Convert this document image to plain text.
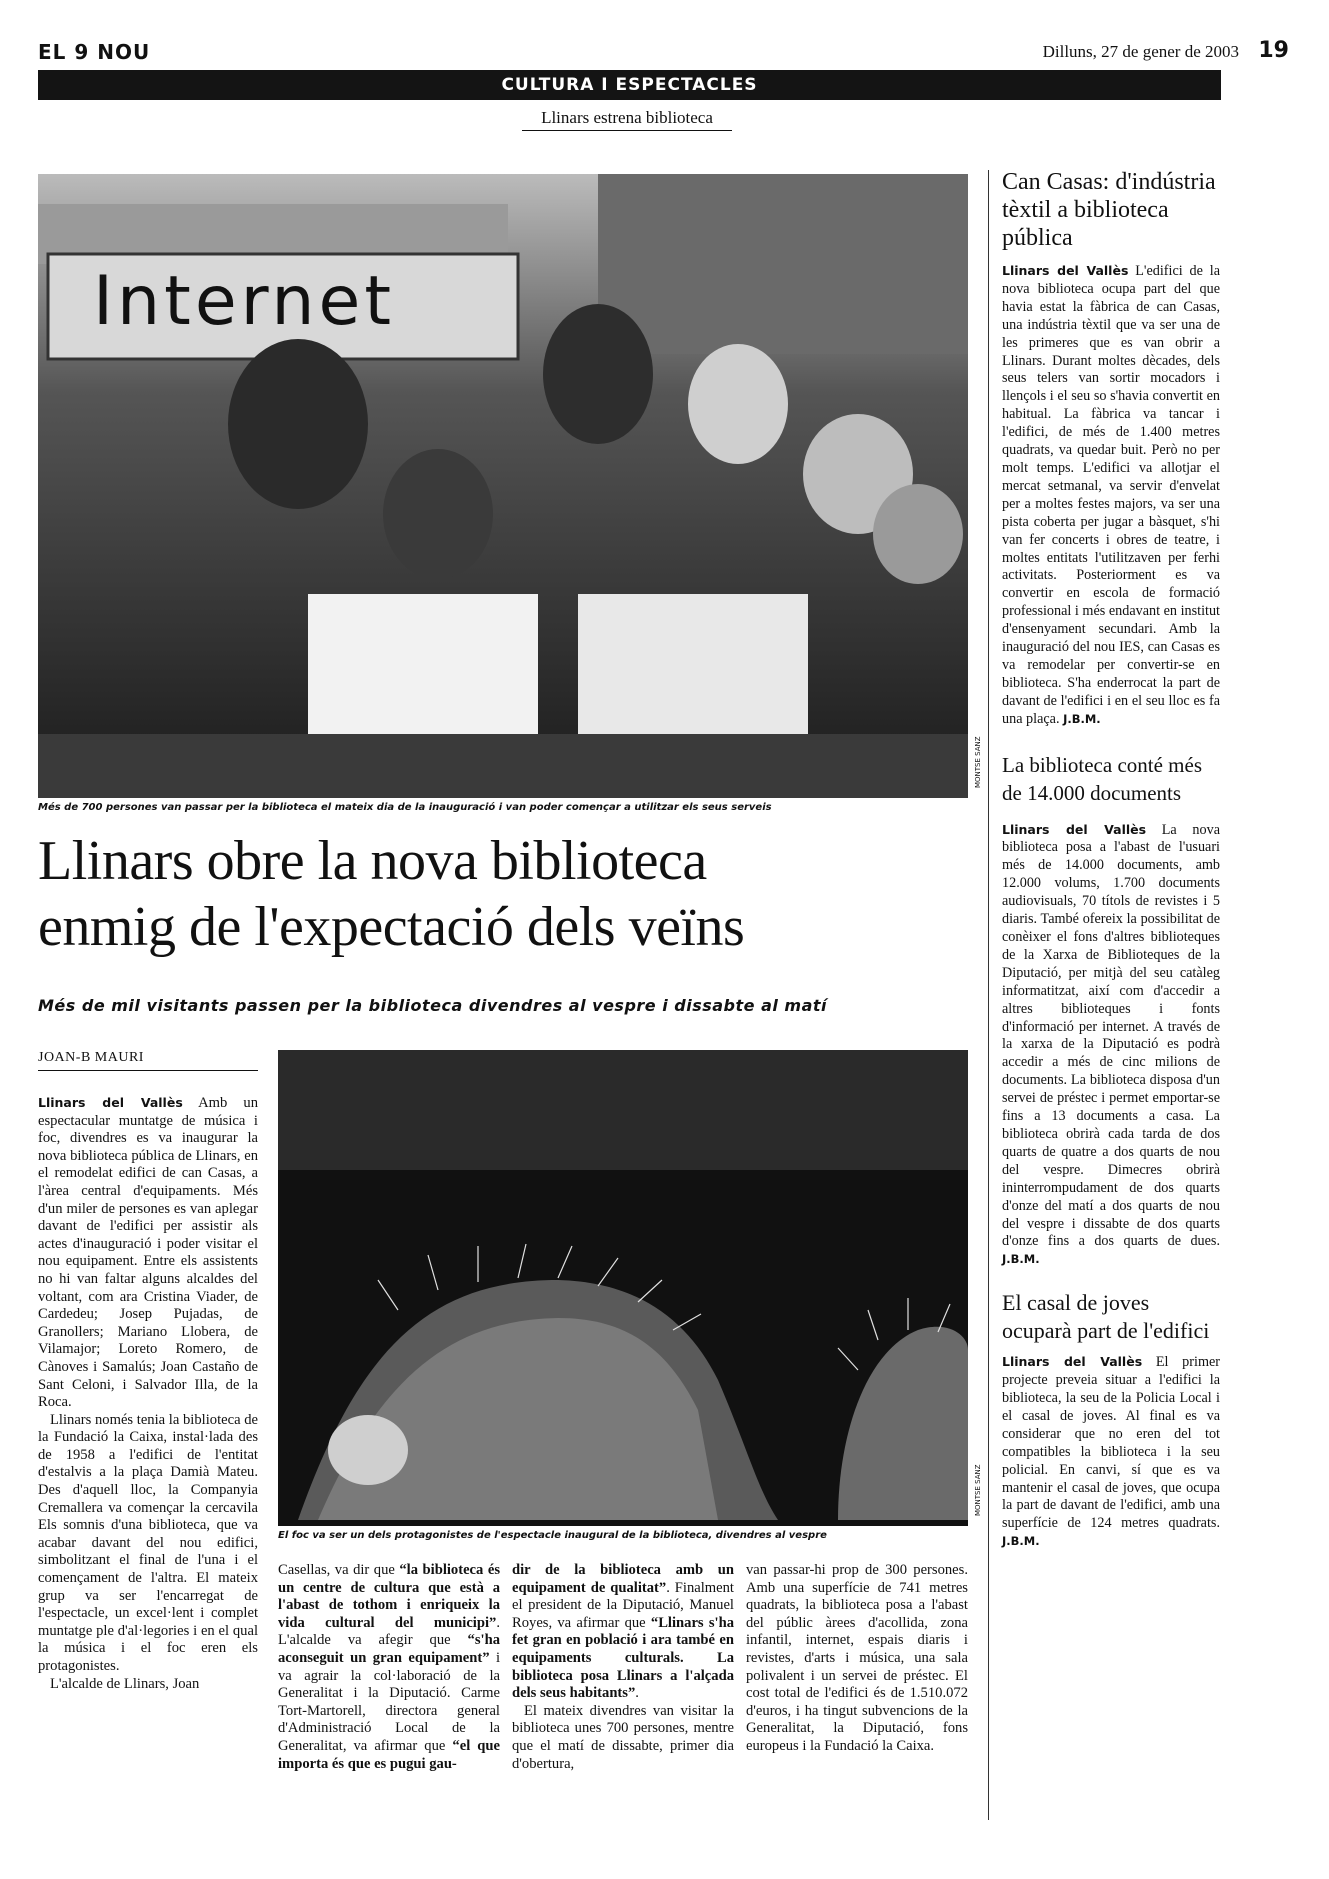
EL 9 NOU	Dilluns, 27 de gener de 2003 19
CULTURA I ESPECTACLES
Llinars estrena biblioteca
Internet
MONTSE SANZ
Més de 700 persones van passar per la biblioteca el mateix dia de la inauguració i van poder començar a utilitzar els seus serveis
Llinars obre la nova biblioteca
enmig de l'expectació dels veïns
Més de mil visitants passen per la biblioteca divendres al vespre i dissabte al matí
JOAN-B MAURI

Llinars del Vallès Amb un espectacular muntatge de música i foc, divendres es va inaugurar la nova biblioteca pública de Llinars, en el remodelat edifici de can Casas, a l'àrea central d'equipaments. Més d'un miler de persones es van aplegar davant de l'edifici per assistir als actes d'inauguració i poder visitar el nou equipament. Entre els assistents no hi van faltar alguns alcaldes del voltant, com ara Cristina Viader, de Cardedeu; Josep Pujadas, de Granollers; Mariano Llobera, de Vilamajor; Loreto Romero, de Cànoves i Samalús; Joan Castaño de Sant Celoni, i Salvador Illa, de la Roca.

Llinars només tenia la biblioteca de la Fundació la Caixa, instal·lada des de 1958 a l'edifici de l'entitat d'estalvis a la plaça Damià Mateu. Des d'aquell lloc, la Companyia Cremallera va començar la cercavila Els somnis d'una biblioteca, que va acabar davant del nou edifici, simbolitzant el final de l'una i el començament de l'altra. El mateix grup va ser l'encarregat de l'espectacle, un excel·lent i complet muntatge ple d'al·legories i en el qual la música i el foc eren els protagonistes.

L'alcalde de Llinars, Joan

MONTSE SANZ
El foc va ser un dels protagonistes de l'espectacle inaugural de la biblioteca, divendres al vespre

Casellas, va dir que “la biblioteca és un centre de cultura que està a l'abast de tothom i enriqueix la vida cultural del municipi”. L'alcalde va afegir que “s'ha aconseguit un gran equipament” i va agrair la col·laboració de la Generalitat i la Diputació. Carme Tort-Martorell, directora general d'Administració Local de la Generalitat, va afirmar que “el que importa és que es pugui gau-

dir de la biblioteca amb un equipament de qualitat”. Finalment el president de la Diputació, Manuel Royes, va afirmar que “Llinars s'ha fet gran en població i ara també en equipaments culturals. La biblioteca posa Llinars a l'alçada dels seus habitants”.

El mateix divendres van visitar la biblioteca unes 700 persones, mentre que el matí de dissabte, primer dia d'obertura,

van passar-hi prop de 300 persones. Amb una superfície de 741 metres quadrats, la biblioteca posa a l'abast del públic àrees d'acollida, zona infantil, internet, espais diaris i revistes, d'arts i música, una sala polivalent i un servei de préstec. El cost total de l'edifici és de 1.510.072 d'euros, i ha tingut subvencions de la Generalitat, la Diputació, fons europeus i la Fundació la Caixa.

Can Casas: d'indústria tèxtil a biblioteca pública

Llinars del Vallès L'edifici de la nova biblioteca ocupa part del que havia estat la fàbrica de can Casas, una indústria tèxtil que va ser una de les primeres que es van obrir a Llinars. Durant moltes dècades, dels seus telers van sortir mocadors i llençols i el seu so s'havia convertit en habitual. La fàbrica va tancar i l'edifici, de més de 1.400 metres quadrats, va quedar buit. Però no per molt temps. L'edifici va allotjar el mercat setmanal, va servir d'envelat per a moltes festes majors, va ser una pista coberta per jugar a bàsquet, s'hi van fer concerts i obres de teatre, i moltes entitats l'utilitzaven per ferhi activitats. Posteriorment es va convertir en escola de formació professional i més endavant en institut d'ensenyament secundari. Amb la inauguració del nou IES, can Casas es va remodelar per convertir-se en biblioteca. S'ha enderrocat la part de davant de l'edifici i en el seu lloc es fa una plaça. J.B.M.

La biblioteca conté més de 14.000 documents

Llinars del Vallès La nova biblioteca posa a l'abast de l'usuari més de 14.000 documents, amb 12.000 volums, 1.700 documents audiovisuals, 70 títols de revistes i 5 diaris. També ofereix la possibilitat de conèixer el fons d'altres biblioteques de la Xarxa de Biblioteques de la Diputació, per mitjà del seu catàleg informatitzat, així com d'accedir a altres biblioteques i fonts d'informació per internet. A través de la xarxa de la Diputació es podrà accedir a més de cinc milions de documents. La biblioteca disposa d'un servei de préstec i permet emportar-se fins a 13 documents a casa. La biblioteca obrirà cada tarda de dos quarts de quatre a dos quarts de nou del vespre. Dimecres obrirà ininterrompudament de dos quarts d'onze del matí a dos quarts de nou del vespre i dissabte de dos quarts d'onze fins a dos quarts de dues. J.B.M.

El casal de joves ocuparà part de l'edifici

Llinars del Vallès El primer projecte preveia situar a l'edifici la biblioteca, la seu de la Policia Local i el casal de joves. Al final es va considerar que no eren del tot compatibles la biblioteca i la seu policial. En canvi, sí que es va mantenir el casal de joves, que ocupa la part de davant de l'edifici, amb una superfície de 124 metres quadrats. J.B.M.
